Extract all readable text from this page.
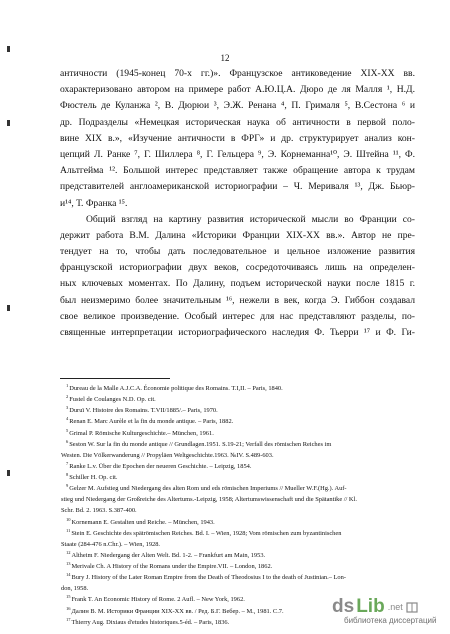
12
античности (1945-конец 70-х гг.)». Французское антиковедение XIX-XX вв.
охарактеризовано автором на примере работ А.Ю.Ц.А. Дюро де ля Малля ¹, Н.Д.
Фюстель де Куланжа ², В. Дюрюи ³, Э.Ж. Ренана ⁴, П. Грималя ⁵, В.Сестона ⁶ и
др. Подразделы «Немецкая историческая наука об античности в первой поло-
вине XIX в.», «Изучение античности в ФРГ» и др. структурирует анализ кон-
цепций Л. Ранке ⁷, Г. Шиллера ⁸, Г. Гельцера ⁹, Э. Корнеманна¹⁰, Э. Штейна ¹¹, Ф.
Альтгейма ¹². Большой интерес представляет также обращение автора к трудам
представителей англоамериканской историографии – Ч. Мериваля ¹³, Дж. Бьюр-
и¹⁴, Т. Франка ¹⁵.
Общий взгляд на картину развития исторической мысли во Франции со-
держит работа В.М. Далина «Историки Франции XIX-XX вв.». Автор не пре-
тендует на то, чтобы дать последовательное и цельное изложение развития
французской историографии двух веков, сосредоточиваясь лишь на определен-
ных ключевых моментах. По Далину, подъем исторической науки после 1815 г.
был неизмеримо более значительным ¹⁶, нежели в век, когда Э. Гиббон создавал
свое великое произведение. Особый интерес для нас представляют разделы, по-
священные интерпретации историографического наследия Ф. Тьерри ¹⁷ и Ф. Ги-
$^1$Dureau de la Malle A.J.C.A. Économie politique des Romains. T.I,II. – Paris, 1840.
$^2$Fustel de Coulanges N.D. Op. cit.
$^3$Duruï V. Histoire des Romains. T.VII/1885/.– Paris, 1970.
$^4$Renan E. Marc Aurèle et la fin du monde antique. – Paris, 1882.
$^5$Grimal P. Römische Kulturgeschichte.– München, 1961.
$^6$Seston W. Sur la fin du monde antique // Grundlagen.1951. S.19-21; Verfall des römischen Reiches im
Westen. Die Völkerwanderung // Propyläen Weltgeschichte.1963. №IV. S.489-603.
$^7$Ranke L.v. Über die Epochen der neueren Geschichte. – Leipzig, 1854.
$^8$Schiller H. Op. cit.
$^9$Gelzer M. Aufstieg und Niedergang des alten Rom und eds römischen Imperiums // Mueller W.F.(Hg.). Auf-
stieg und Niedergang der Großreiche des Altertums.-Leipzig, 1958; Altertumswissenschaft und die Spätantike // Kl.
Schr. Bd. 2. 1963. S.387-400.
$^{10}$Kornemann E. Gestalten und Reiche. – München, 1943.
$^{11}$Stein E. Geschichte des spätrömischen Reiches. Bd. I. – Wien, 1928; Vom römischen zum byzantinischen
Staate (284-476 n.Chr.). – Wien, 1928.
$^{12}$Altheim F. Niedergang der Alten Welt. Bd. 1-2. – Frankfurt am Main, 1953.
$^{13}$Merivale Ch. A History of the Romans under the Empire.VII. – London, 1862.
$^{14}$Bury J. History of the Later Roman Empire from the Death of Theodosius I to the death of Justinian.– Lon-
don, 1958.
$^{15}$Frank T. An Economic History of Rome. 2 Aufl. – New York, 1962.
$^{16}$Далин В. М. Историки Франции XIX-XX вв. / Ред. Б.Г. Вебер. – М., 1981. С.7.
$^{17}$Thierry Aug. Dixiaus d'etudes historiques.5-éd. – Paris, 1836.
ds Lib .net
библиотека диссертаций
